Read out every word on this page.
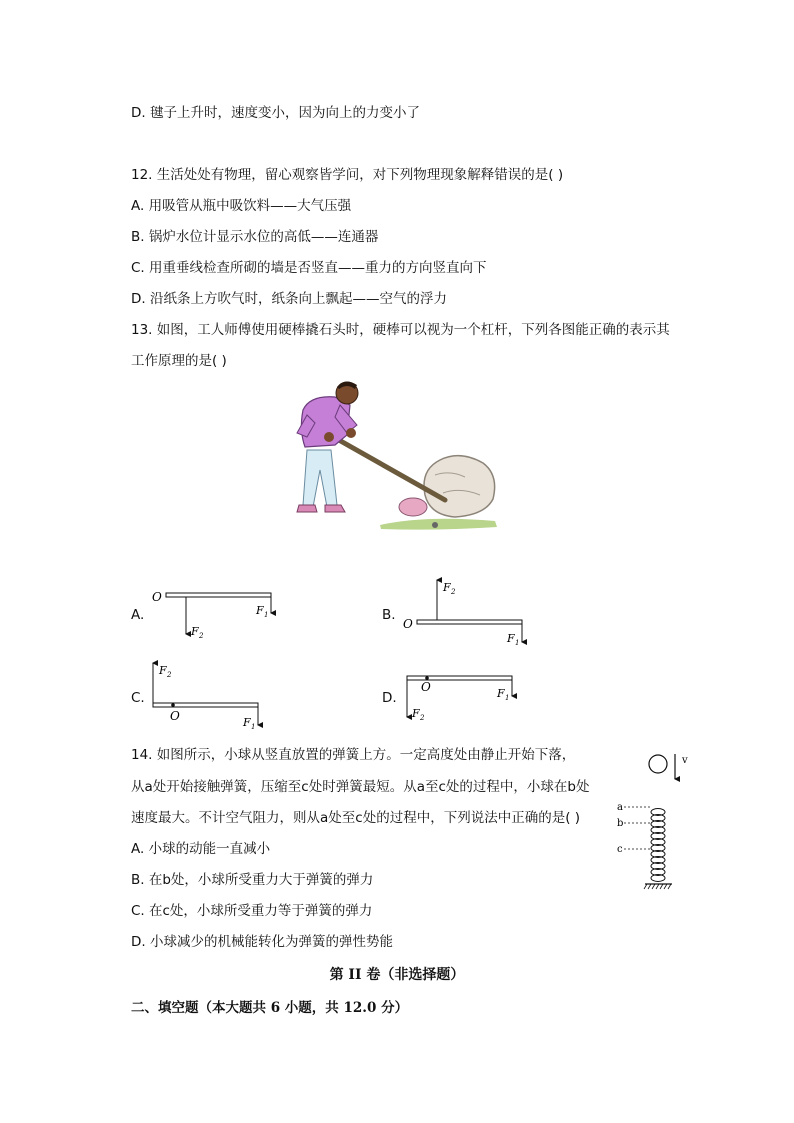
D. 毽子上升时，速度变小，因为向上的力变小了
12. 生活处处有物理，留心观察皆学问，对下列物理现象解释错误的是( )
A. 用吸管从瓶中吸饮料——大气压强
B. 锅炉水位计显示水位的高低——连通器
C. 用重垂线检查所砌的墙是否竖直——重力的方向竖直向下
D. 沿纸条上方吹气时，纸条向上飘起——空气的浮力
13. 如图，工人师傅使用硬棒撬石头时，硬棒可以视为一个杠杆，下列各图能正确的表示其
工作原理的是( )
A.	B.
C.	D.
O
F 1
F 2
O
F 2
F 1
F 2
O	F 1
O	F 1
F 2
v
a
b
c
14. 如图所示，小球从竖直放置的弹簧上方。一定高度处由静止开始下落，
从a处开始接触弹簧，压缩至c处时弹簧最短。从a至c处的过程中，小球在b处
速度最大。不计空气阻力，则从a处至c处的过程中，下列说法中正确的是( )
A. 小球的动能一直减小
B. 在b处，小球所受重力大于弹簧的弹力
C. 在c处，小球所受重力等于弹簧的弹力
D. 小球减少的机械能转化为弹簧的弹性势能
第 II 卷（非选择题）
二、填空题（本大题共 6 小题，共 12.0 分）
